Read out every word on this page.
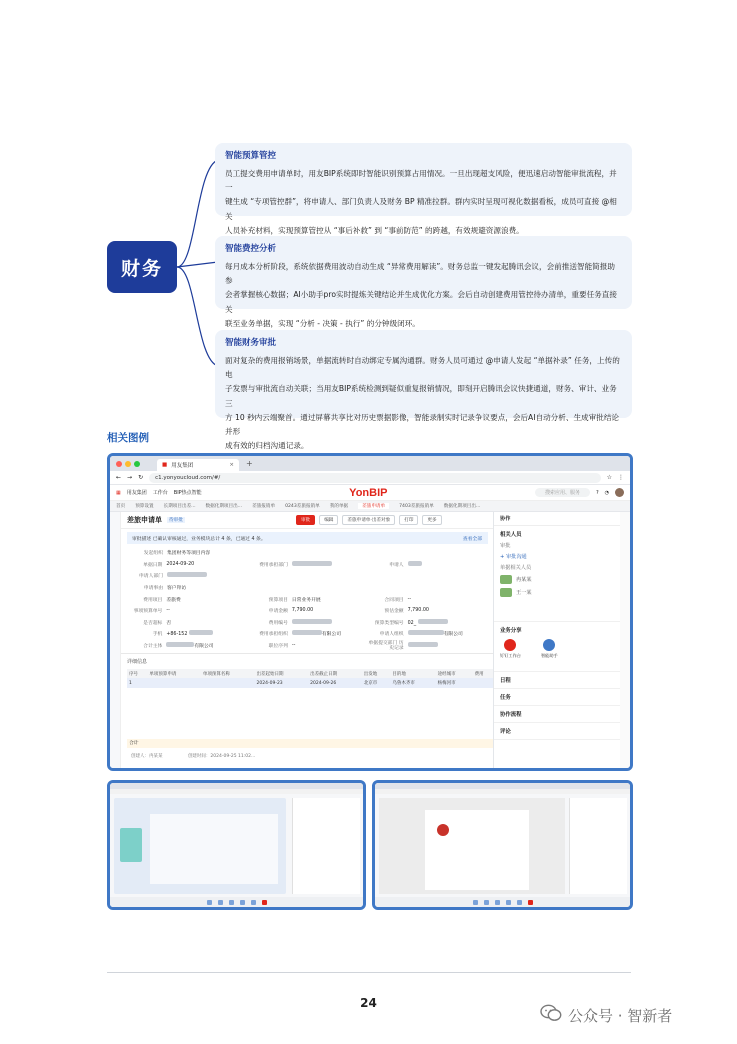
财务
智能预算管控

员工提交费用申请单时，用友BIP系统即时智能识别预算占用情况。一旦出现超支风险，便迅速启动智能审批流程，并一

键生成 “专项管控群”，将申请人、部门负责人及财务 BP 精准拉群。群内实时呈现可视化数据看板，成员可直接 @相关

人员补充材料，实现预算管控从 “事后补救” 到 “事前防范” 的跨越，有效规避资源浪费。

智能费控分析

每月成本分析阶段，系统依据费用波动自动生成 “异常费用解读”。财务总监一键发起腾讯会议，会前推送智能简报助参

会者掌握核心数据；AI小助手pro实时提炼关键结论并生成优化方案。会后自动创建费用管控待办清单，重要任务直接关

联至业务单据，实现 “分析 - 决策 - 执行” 的分钟级闭环。

智能财务审批

面对复杂的费用报销场景，单据流转时自动绑定专属沟通群。财务人员可通过 @申请人发起 “单据补录” 任务，上传的电

子发票与审批流自动关联；当用友BIP系统检测到疑似重复报销情况，即刻开启腾讯会议快捷通道，财务、审计、业务三

方 10 秒内云端聚首。通过屏幕共享比对历史票据影像，智能录制实时记录争议要点，会后AI自动分析、生成审批结论并形

成有效的归档沟通记录。

相关图例
■ 用友集团	× +
← → ↻ c1.yonyoucloud.com/#/	☆ ⋮
▦ 用友集团 工作台 BIP热点智能	YonBIP	搜索应用、服务	? ◔
首页 预算设置 长期项目出差... 数据化期项目出... 差旅报销单 0243差旅报销单 我的单据	差旅申请单	7403差旅报销单 数据化期项目出...
差旅申请单	待审批	审批	编辑	差旅申请单·出差对象	打印	更多
审批描述 已确认审核通过，业务模块总计 4 条，已通过 4 条。	查看全部
发起组织 集团财务等项目内容
单据日期 2024-09-20	费用承担部门	申请人
申请人部门
申请事由 客户拜访
费用项目 差旅费	预算项目 日常业务开展	合同项目 --
事项预算单号 --	申请金额 7,790.00	预估金额 7,790.00
是否超标 否	费用编号	预算类型编号 02_
手机 +86-152	费用承担组织	有限公司	申请人组织	有限公司
合计主体	有限公司	职位序列 --	单据提交部门 历史记录
详细信息
序号	单项预算申请	单项预算名称	出差起始日期	出差截止日期	出发地	目的地	途经城市	费用
1			2024-09-23	2024-09-26	北京市	乌鲁木齐市	杨梅河市	
合计
创建人：冉某某	创建时间：2024-09-25 11:02...
协作
相关人员
审批
+ 审批沟通
单据相关人员
冉某某
王一某
业务分享
钉钉工作台	智能助手
日程
任务
协作流程
评论
24
公众号 · 智新者
